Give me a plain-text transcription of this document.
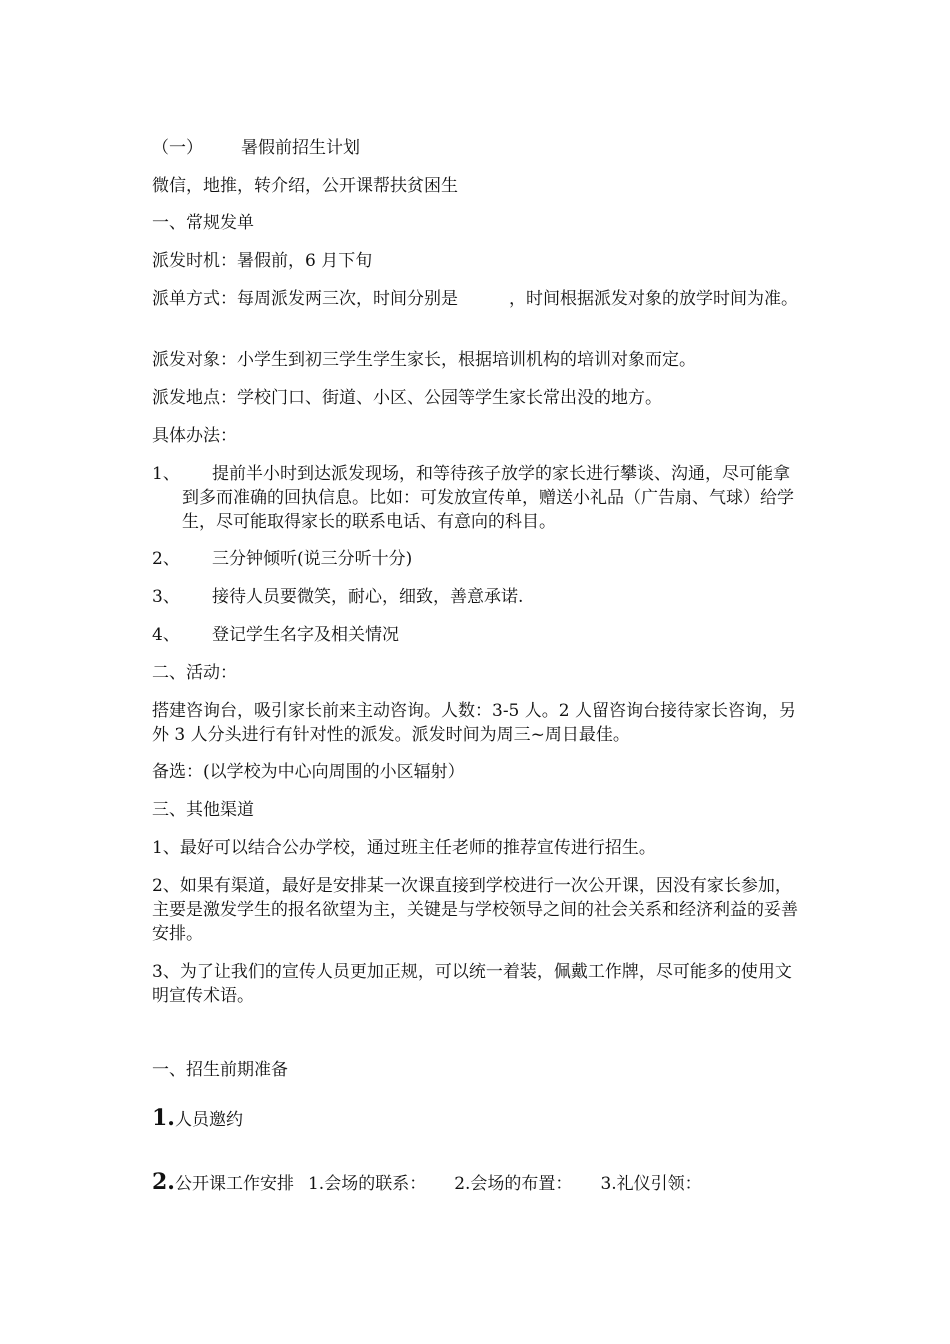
（一） 暑假前招生计划
微信，地推，转介绍，公开课帮扶贫困生
一、常规发单
派发时机：暑假前，6 月下旬
派单方式：每周派发两三次，时间分别是　　　，时间根据派发对象的放学时间为准。
派发对象：小学生到初三学生学生家长，根据培训机构的培训对象而定。
派发地点：学校门口、街道、小区、公园等学生家长常出没的地方。
具体办法：
1、	提前半小时到达派发现场，和等待孩子放学的家长进行攀谈、沟通，尽可能拿到多而准确的回执信息。比如：可发放宣传单，赠送小礼品（广告扇、气球）给学生，尽可能取得家长的联系电话、有意向的科目。
2、 三分钟倾听(说三分听十分)
3、 接待人员要微笑，耐心，细致，善意承诺.
4、 登记学生名字及相关情况
二、活动：
搭建咨询台，吸引家长前来主动咨询。人数：3-5 人。2 人留咨询台接待家长咨询，另外 3 人分头进行有针对性的派发。派发时间为周三~周日最佳。
备选：(以学校为中心向周围的小区辐射）
三、其他渠道
1、最好可以结合公办学校，通过班主任老师的推荐宣传进行招生。
2、如果有渠道，最好是安排某一次课直接到学校进行一次公开课，因没有家长参加，主要是激发学生的报名欲望为主，关键是与学校领导之间的社会关系和经济利益的妥善安排。
3、为了让我们的宣传人员更加正规，可以统一着装，佩戴工作牌，尽可能多的使用文明宣传术语。
一、招生前期准备
1.人员邀约
2.公开课工作安排 1.会场的联系： 2.会场的布置： 3.礼仪引领：
